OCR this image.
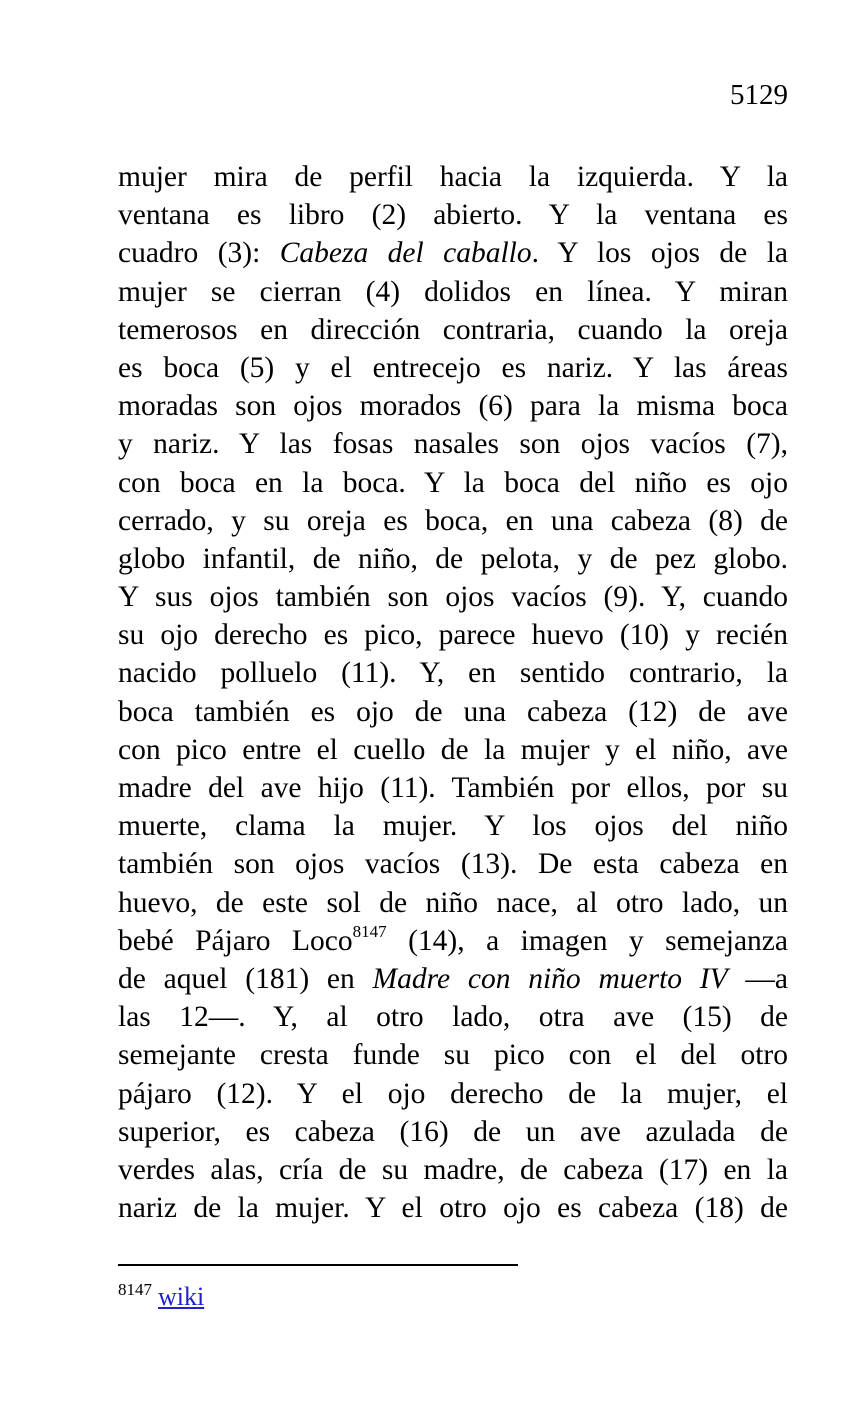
5129
mujer mira de perfil hacia la izquierda. Y la
ventana es libro (2) abierto. Y la ventana es
cuadro (3): Cabeza del caballo. Y los ojos de la
mujer se cierran (4) dolidos en línea. Y miran
temerosos en dirección contraria, cuando la oreja
es boca (5) y el entrecejo es nariz. Y las áreas
moradas son ojos morados (6) para la misma boca
y nariz. Y las fosas nasales son ojos vacíos (7),
con boca en la boca. Y la boca del niño es ojo
cerrado, y su oreja es boca, en una cabeza (8) de
globo infantil, de niño, de pelota, y de pez globo.
Y sus ojos también son ojos vacíos (9). Y, cuando
su ojo derecho es pico, parece huevo (10) y recién
nacido polluelo (11). Y, en sentido contrario, la
boca también es ojo de una cabeza (12) de ave
con pico entre el cuello de la mujer y el niño, ave
madre del ave hijo (11). También por ellos, por su
muerte, clama la mujer. Y los ojos del niño
también son ojos vacíos (13). De esta cabeza en
huevo, de este sol de niño nace, al otro lado, un
bebé Pájaro Loco$^{8147}$ (14), a imagen y semejanza
de aquel (181) en Madre con niño muerto IV —a
las 12—. Y, al otro lado, otra ave (15) de
semejante cresta funde su pico con el del otro
pájaro (12). Y el ojo derecho de la mujer, el
superior, es cabeza (16) de un ave azulada de
verdes alas, cría de su madre, de cabeza (17) en la
nariz de la mujer. Y el otro ojo es cabeza (18) de
$^{8147}$ wiki
